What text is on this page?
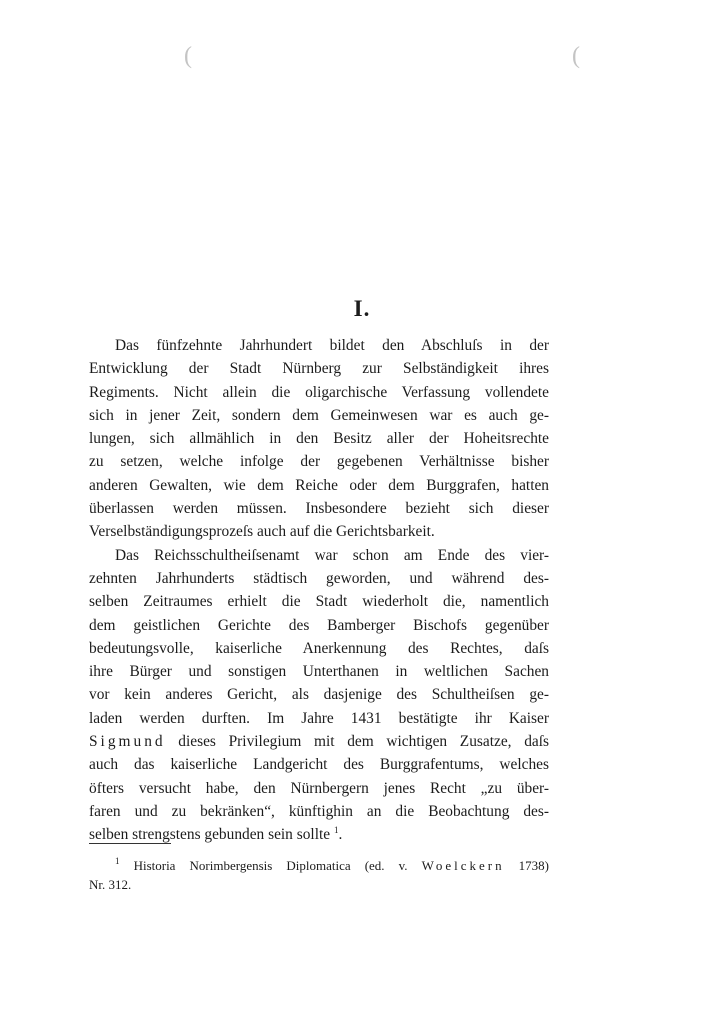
(	(
I.
Das fünfzehnte Jahrhundert bildet den Abschluſs in der
Entwicklung der Stadt Nürnberg zur Selbständigkeit ihres
Regiments. Nicht allein die oligarchische Verfassung vollendete
sich in jener Zeit, sondern dem Gemeinwesen war es auch ge-
lungen, sich allmählich in den Besitz aller der Hoheitsrechte
zu setzen, welche infolge der gegebenen Verhältnisse bisher
anderen Gewalten, wie dem Reiche oder dem Burggrafen, hatten
überlassen werden müssen. Insbesondere bezieht sich dieser
Verselbständigungsprozeſs auch auf die Gerichtsbarkeit.
Das Reichsschultheiſsenamt war schon am Ende des vier-
zehnten Jahrhunderts städtisch geworden, und während des-
selben Zeitraumes erhielt die Stadt wiederholt die, namentlich
dem geistlichen Gerichte des Bamberger Bischofs gegenüber
bedeutungsvolle, kaiserliche Anerkennung des Rechtes, daſs
ihre Bürger und sonstigen Unterthanen in weltlichen Sachen
vor kein anderes Gericht, als dasjenige des Schultheiſsen ge-
laden werden durften. Im Jahre 1431 bestätigte ihr Kaiser
Sigmund dieses Privilegium mit dem wichtigen Zusatze, daſs
auch das kaiserliche Landgericht des Burggrafentums, welches
öfters versucht habe, den Nürnbergern jenes Recht „zu über-
faren und zu bekränken“, künftighin an die Beobachtung des-
selben strengstens gebunden sein sollte $^1$.
$^1$ Historia Norimbergensis Diplomatica (ed. v. Woelckern 1738)
Nr. 312.
